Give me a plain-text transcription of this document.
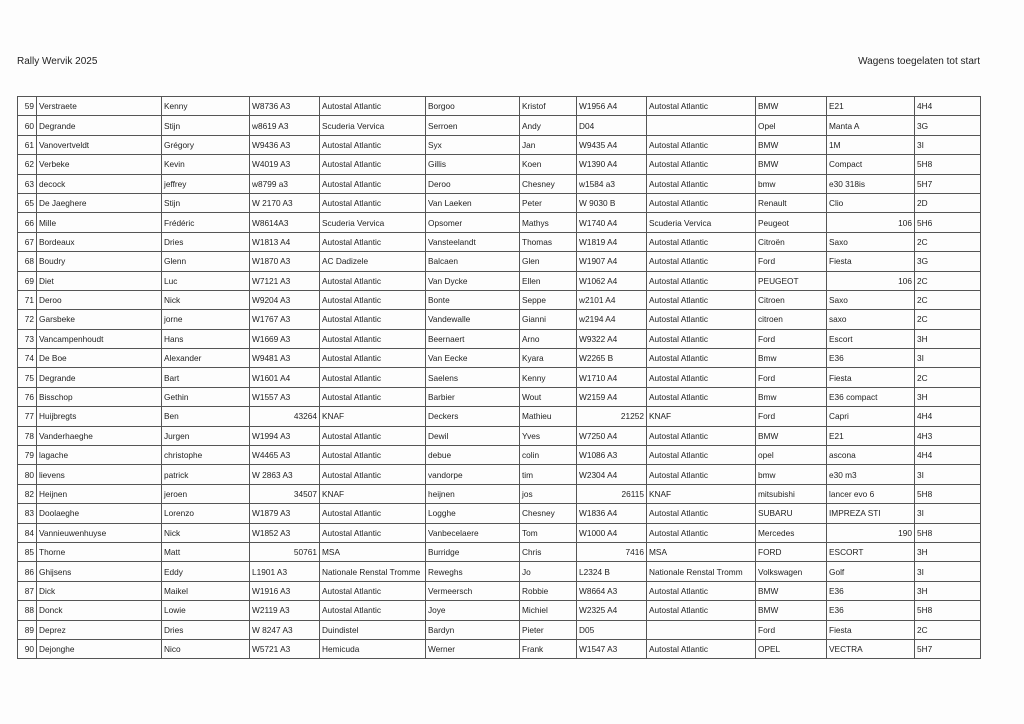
Rally Wervik 2025	Wagens toegelaten tot start
59	Verstraete	Kenny	W8736 A3	Autostal Atlantic	Borgoo	Kristof	W1956 A4	Autostal Atlantic	BMW	E21	4H4
60	Degrande	Stijn	w8619 A3	Scuderia Vervica	Serroen	Andy	D04		Opel	Manta A	3G
61	Vanovertveldt	Grégory	W9436 A3	Autostal Atlantic	Syx	Jan	W9435 A4	Autostal Atlantic	BMW	1M	3I
62	Verbeke	Kevin	W4019 A3	Autostal Atlantic	Gillis	Koen	W1390 A4	Autostal Atlantic	BMW	Compact	5H8
63	decock	jeffrey	w8799 a3	Autostal Atlantic	Deroo	Chesney	w1584 a3	Autostal Atlantic	bmw	e30 318is	5H7
65	De Jaeghere	Stijn	W 2170 A3	Autostal Atlantic	Van Laeken	Peter	W 9030 B	Autostal Atlantic	Renault	Clio	2D
66	Mille	Frédéric	W8614A3	Scuderia Vervica	Opsomer	Mathys	W1740 A4	Scuderia Vervica	Peugeot	106	5H6
67	Bordeaux	Dries	W1813 A4	Autostal Atlantic	Vansteelandt	Thomas	W1819 A4	Autostal Atlantic	Citroën	Saxo	2C
68	Boudry	Glenn	W1870 A3	AC Dadizele	Balcaen	Glen	W1907 A4	Autostal Atlantic	Ford	Fiesta	3G
69	Diet	Luc	W7121 A3	Autostal Atlantic	Van Dycke	Ellen	W1062 A4	Autostal Atlantic	PEUGEOT	106	2C
71	Deroo	Nick	W9204 A3	Autostal Atlantic	Bonte	Seppe	w2101 A4	Autostal Atlantic	Citroen	Saxo	2C
72	Garsbeke	jorne	W1767 A3	Autostal Atlantic	Vandewalle	Gianni	w2194 A4	Autostal Atlantic	citroen	saxo	2C
73	Vancampenhoudt	Hans	W1669 A3	Autostal Atlantic	Beernaert	Arno	W9322 A4	Autostal Atlantic	Ford	Escort	3H
74	De Boe	Alexander	W9481 A3	Autostal Atlantic	Van Eecke	Kyara	W2265 B	Autostal Atlantic	Bmw	E36	3I
75	Degrande	Bart	W1601 A4	Autostal Atlantic	Saelens	Kenny	W1710 A4	Autostal Atlantic	Ford	Fiesta	2C
76	Bisschop	Gethin	W1557 A3	Autostal Atlantic	Barbier	Wout	W2159 A4	Autostal Atlantic	Bmw	E36 compact	3H
77	Huijbregts	Ben	43264	KNAF	Deckers	Mathieu	21252	KNAF	Ford	Capri	4H4
78	Vanderhaeghe	Jurgen	W1994 A3	Autostal Atlantic	Dewil	Yves	W7250 A4	Autostal Atlantic	BMW	E21	4H3
79	lagache	christophe	W4465 A3	Autostal Atlantic	debue	colin	W1086 A3	Autostal Atlantic	opel	ascona	4H4
80	lievens	patrick	W 2863 A3	Autostal Atlantic	vandorpe	tim	W2304 A4	Autostal Atlantic	bmw	e30 m3	3I
82	Heijnen	jeroen	34507	KNAF	heijnen	jos	26115	KNAF	mitsubishi	lancer evo 6	5H8
83	Doolaeghe	Lorenzo	W1879 A3	Autostal Atlantic	Logghe	Chesney	W1836 A4	Autostal Atlantic	SUBARU	IMPREZA STI	3I
84	Vannieuwenhuyse	Nick	W1852 A3	Autostal Atlantic	Vanbecelaere	Tom	W1000 A4	Autostal Atlantic	Mercedes	190	5H8
85	Thorne	Matt	50761	MSA	Burridge	Chris	7416	MSA	FORD	ESCORT	3H
86	Ghijsens	Eddy	L1901 A3	Nationale Renstal Tromme	Reweghs	Jo	L2324 B	Nationale Renstal Tromm	Volkswagen	Golf	3I
87	Dick	Maikel	W1916 A3	Autostal Atlantic	Vermeersch	Robbie	W8664 A3	Autostal Atlantic	BMW	E36	3H
88	Donck	Lowie	W2119 A3	Autostal Atlantic	Joye	Michiel	W2325 A4	Autostal Atlantic	BMW	E36	5H8
89	Deprez	Dries	W 8247 A3	Duindistel	Bardyn	Pieter	D05		Ford	Fiesta	2C
90	Dejonghe	Nico	W5721 A3	Hemicuda	Werner	Frank	W1547 A3	Autostal Atlantic	OPEL	VECTRA	5H7
